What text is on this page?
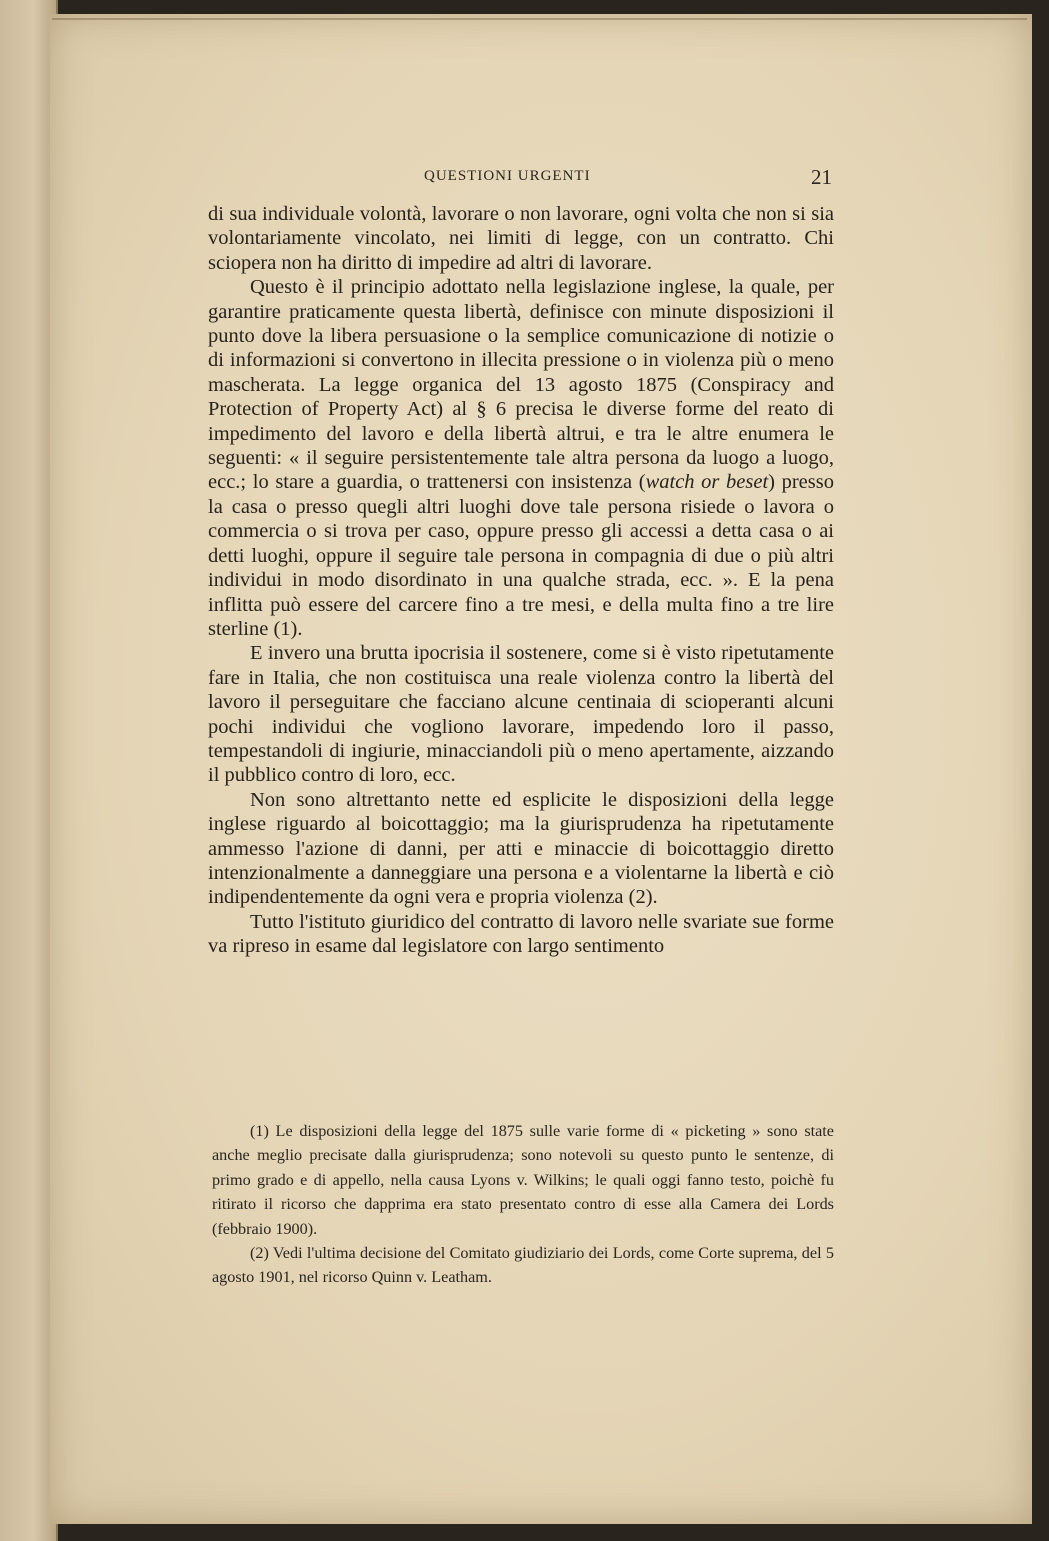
QUESTIONI URGENTI	21

di sua individuale volontà, lavorare o non lavorare, ogni volta che non si sia volontariamente vincolato, nei limiti di legge, con un contratto. Chi sciopera non ha diritto di impedire ad altri di lavorare.

Questo è il principio adottato nella legislazione inglese, la quale, per garantire praticamente questa libertà, definisce con minute disposizioni il punto dove la libera persuasione o la semplice comunicazione di notizie o di informazioni si convertono in illecita pressione o in violenza più o meno mascherata. La legge organica del 13 agosto 1875 (Conspiracy and Protection of Property Act) al § 6 precisa le diverse forme del reato di impedimento del lavoro e della libertà altrui, e tra le altre enumera le seguenti: « il seguire persistentemente tale altra persona da luogo a luogo, ecc.; lo stare a guardia, o trattenersi con insistenza (watch or beset) presso la casa o presso quegli altri luoghi dove tale persona risiede o lavora o commercia o si trova per caso, oppure presso gli accessi a detta casa o ai detti luoghi, oppure il seguire tale persona in compagnia di due o più altri individui in modo disordinato in una qualche strada, ecc. ». E la pena inflitta può essere del carcere fino a tre mesi, e della multa fino a tre lire sterline (1).

E invero una brutta ipocrisia il sostenere, come si è visto ripetutamente fare in Italia, che non costituisca una reale violenza contro la libertà del lavoro il perseguitare che facciano alcune centinaia di scioperanti alcuni pochi individui che vogliono lavorare, impedendo loro il passo, tempestandoli di ingiurie, minacciandoli più o meno apertamente, aizzando il pubblico contro di loro, ecc.

Non sono altrettanto nette ed esplicite le disposizioni della legge inglese riguardo al boicottaggio; ma la giurisprudenza ha ripetutamente ammesso l'azione di danni, per atti e minaccie di boicottaggio diretto intenzionalmente a danneggiare una persona e a violentarne la libertà e ciò indipendentemente da ogni vera e propria violenza (2).

Tutto l'istituto giuridico del contratto di lavoro nelle svariate sue forme va ripreso in esame dal legislatore con largo sentimento

(1) Le disposizioni della legge del 1875 sulle varie forme di « picketing » sono state anche meglio precisate dalla giurisprudenza; sono notevoli su questo punto le sentenze, di primo grado e di appello, nella causa Lyons v. Wilkins; le quali oggi fanno testo, poichè fu ritirato il ricorso che dapprima era stato presentato contro di esse alla Camera dei Lords (febbraio 1900).

(2) Vedi l'ultima decisione del Comitato giudiziario dei Lords, come Corte suprema, del 5 agosto 1901, nel ricorso Quinn v. Leatham.
